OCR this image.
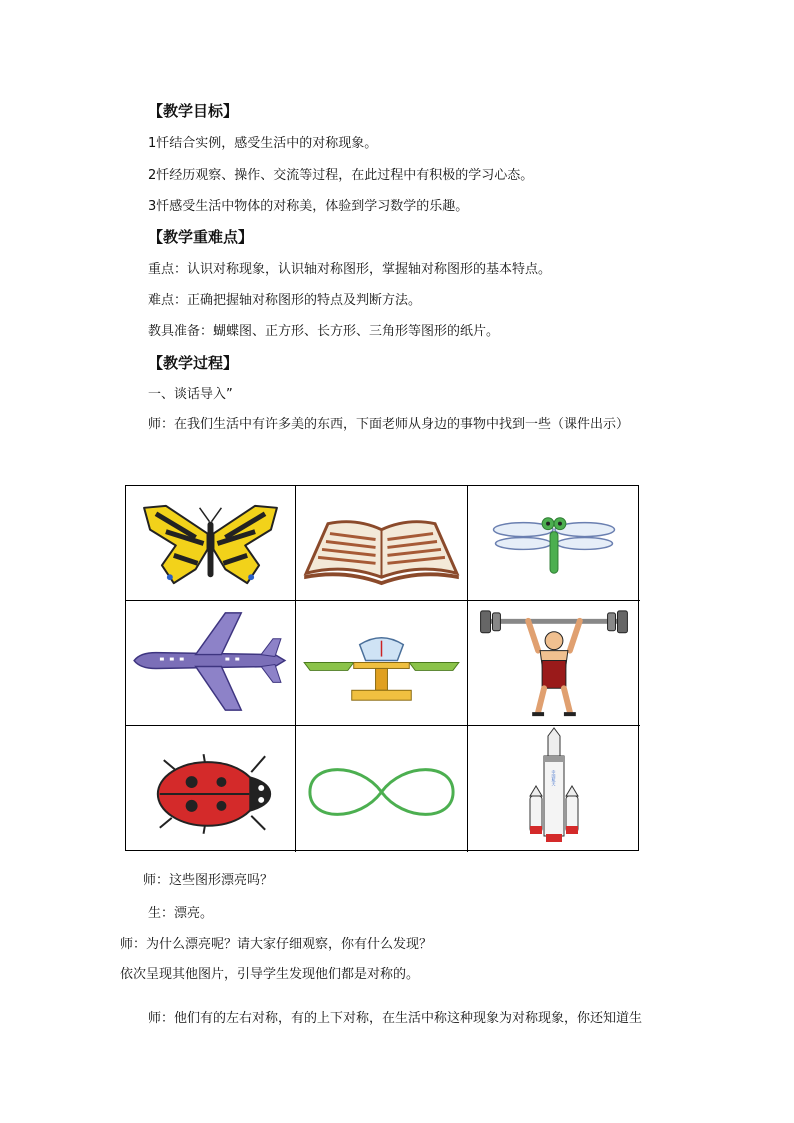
【教学目标】
1忏结合实例，感受生活中的对称现象。
2忏经历观察、操作、交流等过程，在此过程中有积极的学习心态。
3忏感受生活中物体的对称美，体验到学习数学的乐趣。
【教学重难点】
重点：认识对称现象，认识轴对称图形，掌握轴对称图形的基本特点。
难点：正确把握轴对称图形的特点及判断方法。
教具准备：蝴蝶图、正方形、长方形、三角形等图形的纸片。
【教学过程】
一、谈话导入”
师：在我们生活中有许多美的东西，下面老师从身边的事物中找到一些（课件出示）
中国航天
师：这些图形漂亮吗？
生：漂亮。
师：为什么漂亮呢？请大家仔细观察，你有什么发现？
依次呈现其他图片，引导学生发现他们都是对称的。
师：他们有的左右对称，有的上下对称，在生活中称这种现象为对称现象，你还知道生
